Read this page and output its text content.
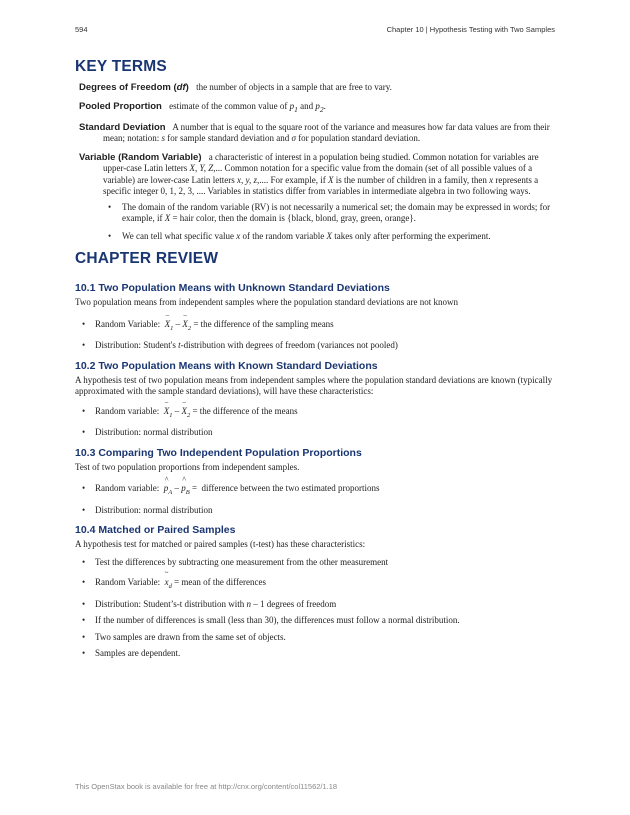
594	Chapter 10 | Hypothesis Testing with Two Samples
KEY TERMS
Degrees of Freedom (df) the number of objects in a sample that are free to vary.
Pooled Proportion estimate of the common value of $p_1$ and $p_2$.
Standard Deviation A number that is equal to the square root of the variance and measures how far data values are from their mean; notation: s for sample standard deviation and σ for population standard deviation.
Variable (Random Variable) a characteristic of interest in a population being studied. Common notation for variables are upper-case Latin letters X, Y, Z,... Common notation for a specific value from the domain (set of all possible values of a variable) are lower-case Latin letters x, y, z,.... For example, if X is the number of children in a family, then x represents a specific integer 0, 1, 2, 3, .... Variables in statistics differ from variables in intermediate algebra in two following ways.
• The domain of the random variable (RV) is not necessarily a numerical set; the domain may be expressed in words; for example, if X = hair color, then the domain is {black, blond, gray, green, orange}.
• We can tell what specific value x of the random variable X takes only after performing the experiment.
CHAPTER REVIEW
10.1 Two Population Means with Unknown Standard Deviations
Two population means from independent samples where the population standard deviations are not known
• Random Variable: – $X_1$ – – $X_2$ = the difference of the sampling means
• Distribution: Student's t-distribution with degrees of freedom (variances not pooled)
10.2 Two Population Means with Known Standard Deviations
A hypothesis test of two population means from independent samples where the population standard deviations are known (typically approximated with the sample standard deviations), will have these characteristics:
• Random variable: – $X_1$ – – $X_2$ = the difference of the means
• Distribution: normal distribution
10.3 Comparing Two Independent Population Proportions
Test of two population proportions from independent samples.
• Random variable: ^ $p_A$ – ^ $p_B$ = difference between the two estimated proportions
• Distribution: normal distribution
10.4 Matched or Paired Samples
A hypothesis test for matched or paired samples (t-test) has these characteristics:
• Test the differences by subtracting one measurement from the other measurement
• Random Variable: ~ $x_d$ = mean of the differences
• Distribution: Student’s-t distribution with n – 1 degrees of freedom
• If the number of differences is small (less than 30), the differences must follow a normal distribution.
• Two samples are drawn from the same set of objects.
• Samples are dependent.
This OpenStax book is available for free at http://cnx.org/content/col11562/1.18
